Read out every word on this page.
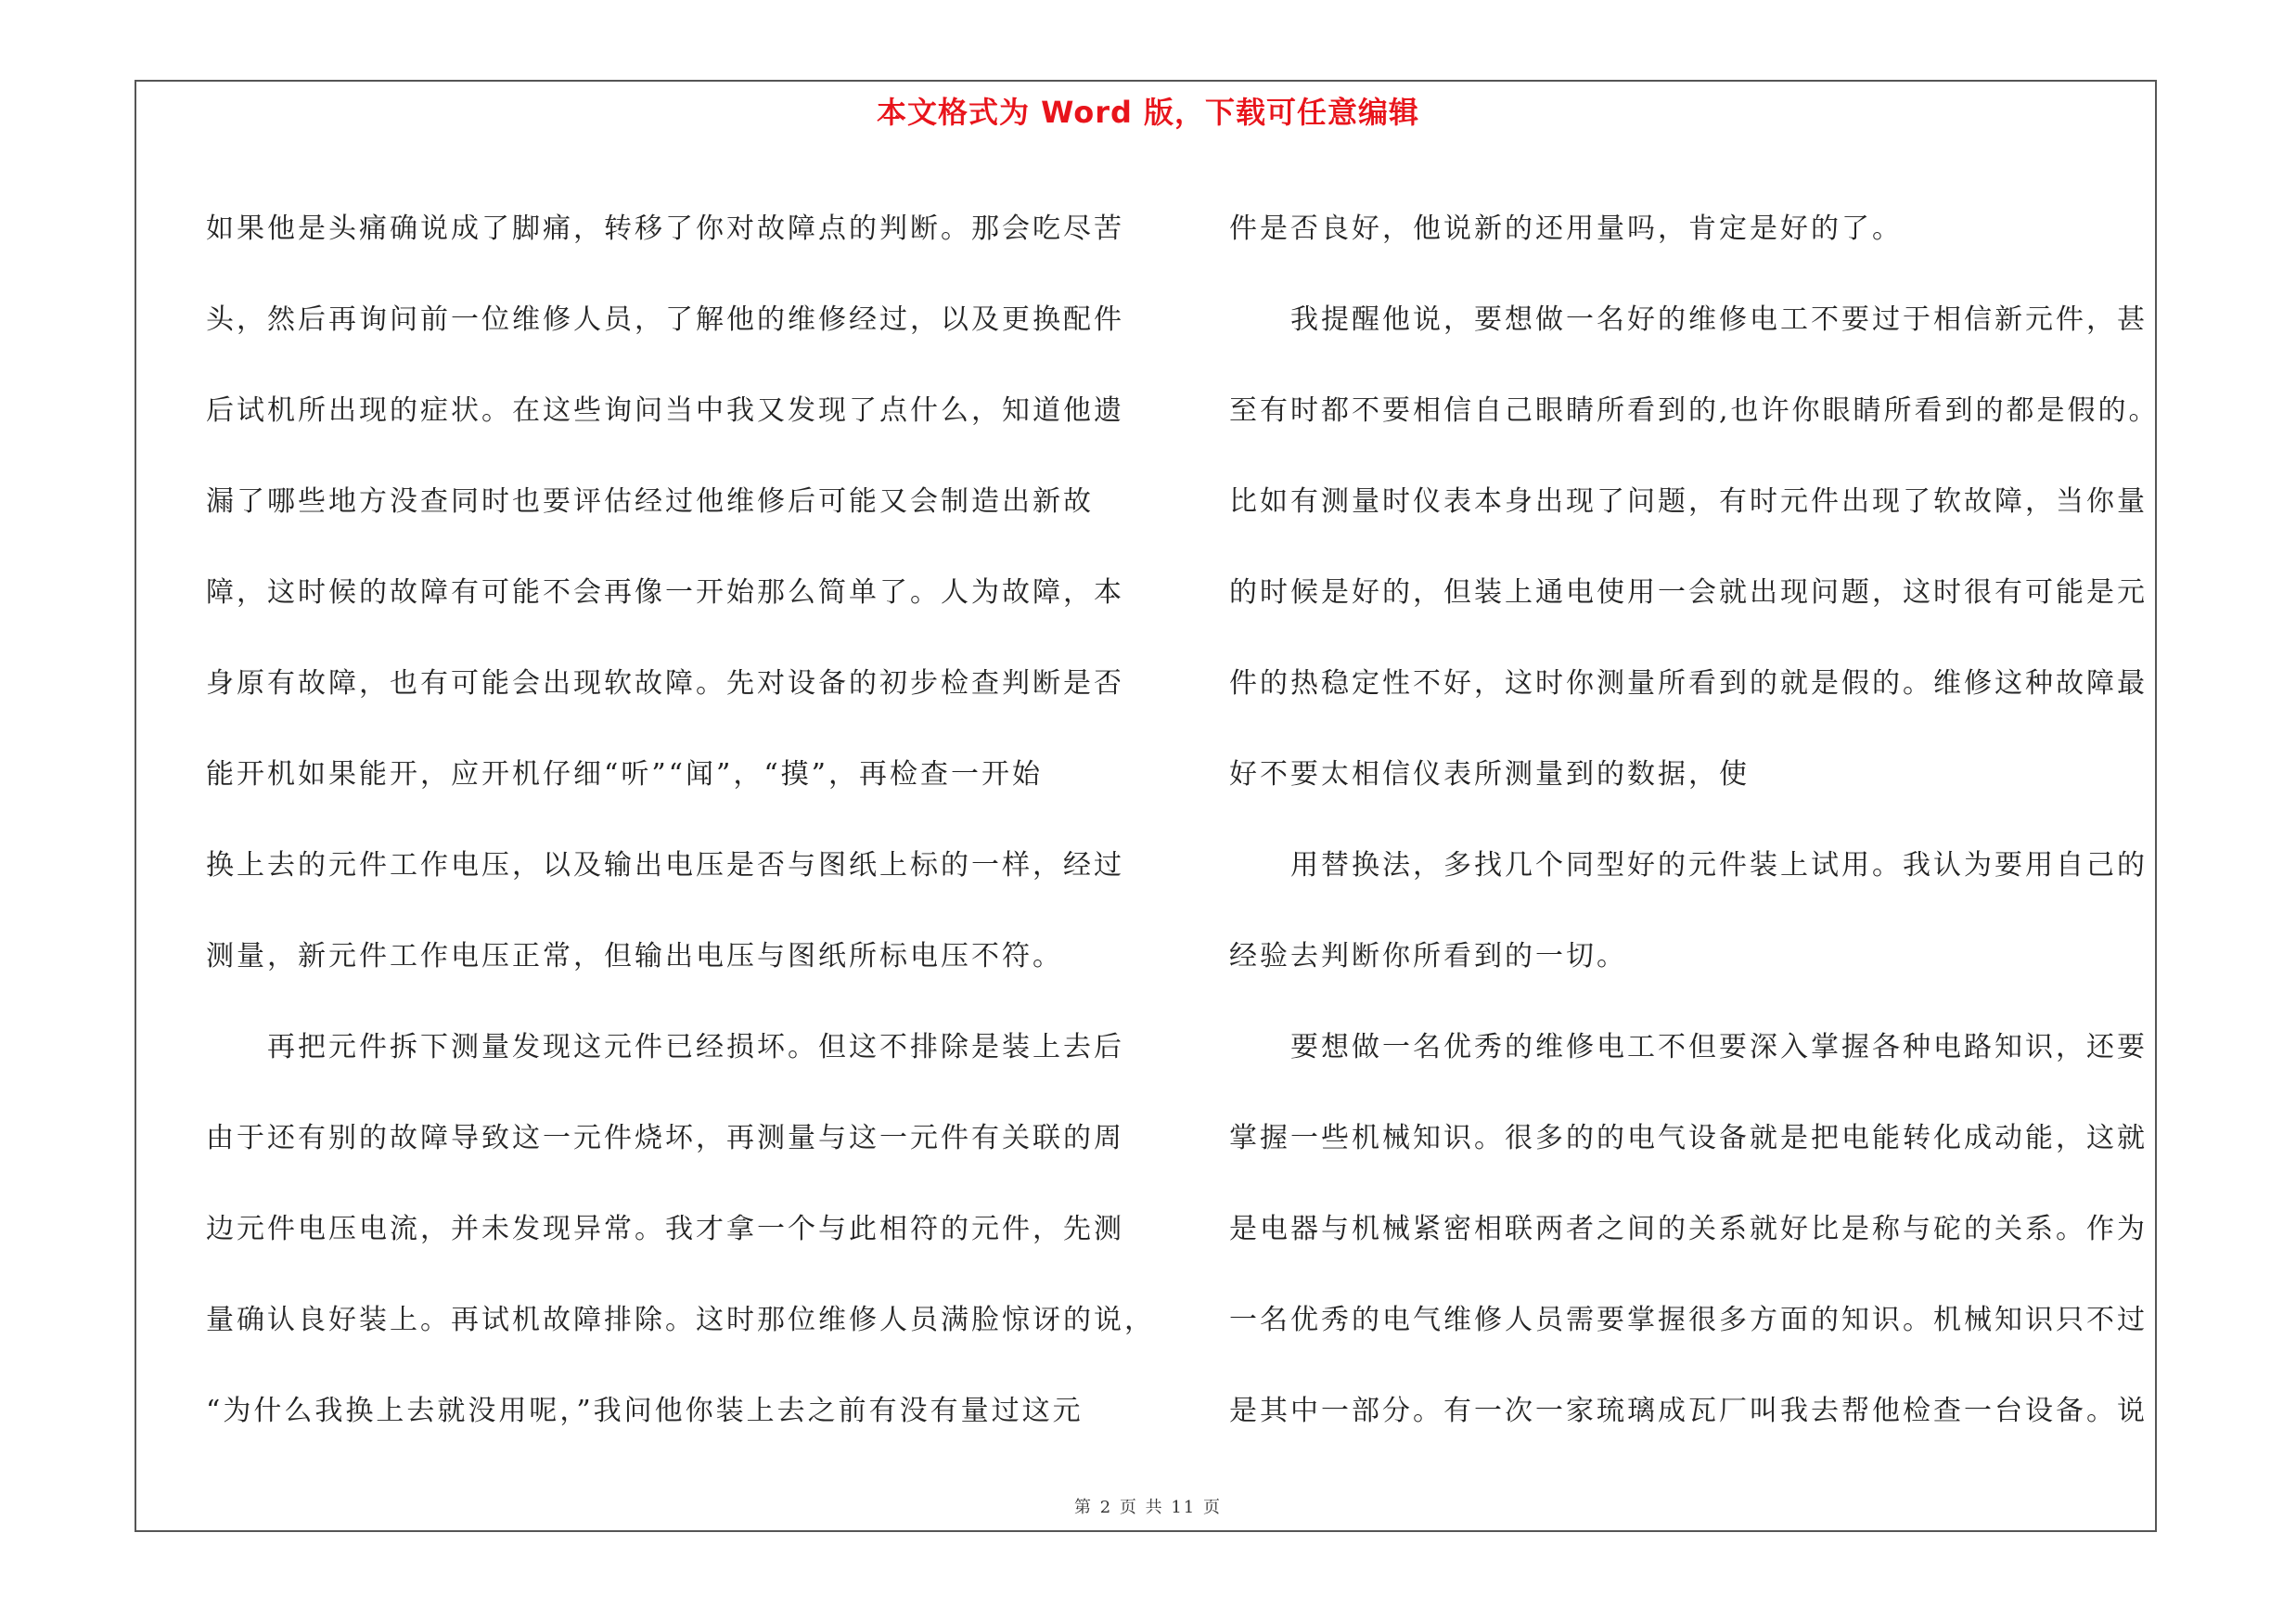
本文格式为 Word 版，下载可任意编辑
如果他是头痛确说成了脚痛，转移了你对故障点的判断。那会吃尽苦
头，然后再询问前一位维修人员，了解他的维修经过，以及更换配件
后试机所出现的症状。在这些询问当中我又发现了点什么，知道他遗
漏了哪些地方没查同时也要评估经过他维修后可能又会制造出新故
障，这时候的故障有可能不会再像一开始那么简单了。人为故障，本
身原有故障，也有可能会出现软故障。先对设备的初步检查判断是否
能开机如果能开，应开机仔细“听”“闻”，“摸”，再检查一开始
换上去的元件工作电压，以及输出电压是否与图纸上标的一样，经过
测量，新元件工作电压正常，但输出电压与图纸所标电压不符。
　　再把元件拆下测量发现这元件已经损坏。但这不排除是装上去后
由于还有别的故障导致这一元件烧坏，再测量与这一元件有关联的周
边元件电压电流，并未发现异常。我才拿一个与此相符的元件，先测
量确认良好装上。再试机故障排除。这时那位维修人员满脸惊讶的说，
“为什么我换上去就没用呢，”我问他你装上去之前有没有量过这元
件是否良好，他说新的还用量吗，肯定是好的了。
　　我提醒他说，要想做一名好的维修电工不要过于相信新元件，甚
至有时都不要相信自己眼睛所看到的,也许你眼睛所看到的都是假的。
比如有测量时仪表本身出现了问题，有时元件出现了软故障，当你量
的时候是好的，但装上通电使用一会就出现问题，这时很有可能是元
件的热稳定性不好，这时你测量所看到的就是假的。维修这种故障最
好不要太相信仪表所测量到的数据，使
　　用替换法，多找几个同型好的元件装上试用。我认为要用自己的
经验去判断你所看到的一切。
　　要想做一名优秀的维修电工不但要深入掌握各种电路知识，还要
掌握一些机械知识。很多的的电气设备就是把电能转化成动能，这就
是电器与机械紧密相联两者之间的关系就好比是称与砣的关系。作为
一名优秀的电气维修人员需要掌握很多方面的知识。机械知识只不过
是其中一部分。有一次一家琉璃成瓦厂叫我去帮他检查一台设备。说
第 2 页 共 11 页
